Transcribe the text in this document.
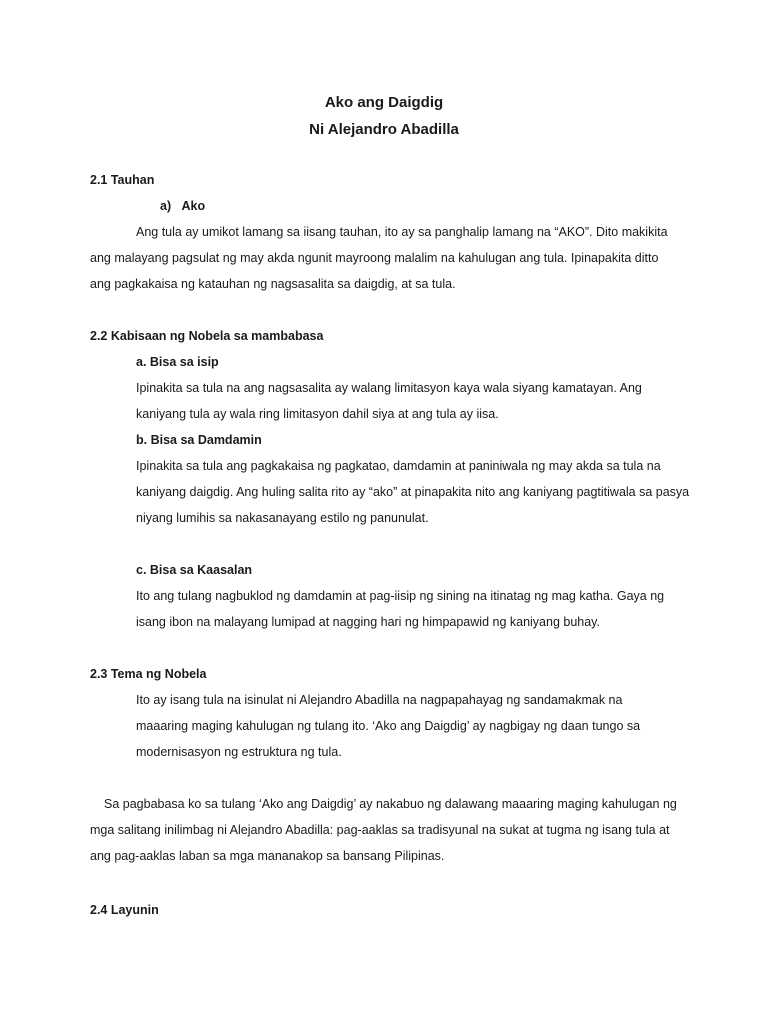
Ako ang Daigdig
Ni Alejandro Abadilla
2.1 Tauhan
a)   Ako
Ang tula ay umikot lamang sa iisang tauhan, ito ay sa panghalip lamang na “AKO”. Dito makikita
ang malayang pagsulat ng may akda ngunit mayroong malalim na kahulugan ang tula. Ipinapakita ditto
ang pagkakaisa ng katauhan ng nagsasalita sa daigdig, at sa tula.
2.2 Kabisaan ng Nobela sa mambabasa
a. Bisa sa isip
Ipinakita sa tula na ang nagsasalita ay walang limitasyon kaya wala siyang kamatayan. Ang
kaniyang tula ay wala ring limitasyon dahil siya at ang tula ay iisa.
b. Bisa sa Damdamin
Ipinakita sa tula ang pagkakaisa ng pagkatao, damdamin at paniniwala ng may akda sa tula na
kaniyang daigdig. Ang huling salita rito ay “ako” at pinapakita nito ang kaniyang pagtitiwala sa pasya
niyang lumihis sa nakasanayang estilo ng panunulat.
c. Bisa sa Kaasalan
Ito ang tulang nagbuklod ng damdamin at pag-iisip ng sining na itinatag ng mag katha. Gaya ng
isang ibon na malayang lumipad at nagging hari ng himpapawid ng kaniyang buhay.
2.3 Tema ng Nobela
Ito ay isang tula na isinulat ni Alejandro Abadilla na nagpapahayag ng sandamakmak na
maaaring maging kahulugan ng tulang ito. ‘Ako ang Daigdig’ ay nagbigay ng daan tungo sa
modernisasyon ng estruktura ng tula.
Sa pagbabasa ko sa tulang ‘Ako ang Daigdig’ ay nakabuo ng dalawang maaaring maging kahulugan ng
mga salitang inilimbag ni Alejandro Abadilla: pag-aaklas sa tradisyunal na sukat at tugma ng isang tula at
ang pag-aaklas laban sa mga mananakop sa bansang Pilipinas.
2.4 Layunin
